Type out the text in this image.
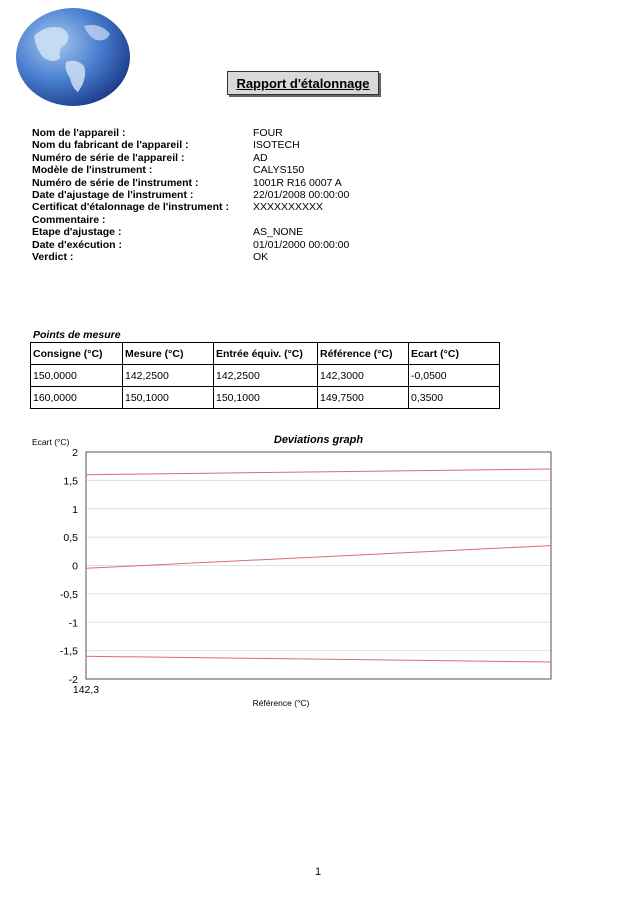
Rapport d'étalonnage
Nom de l'appareil :	FOUR
Nom du fabricant de l'appareil :	ISOTECH
Numéro de série de l'appareil :	AD
Modèle de l'instrument :	CALYS150
Numéro de série de l'instrument :	1001R R16 0007 A
Date d'ajustage de l'instrument :	22/01/2008 00:00:00
Certificat d'étalonnage de l'instrument :	XXXXXXXXXX
Commentaire :
Etape d'ajustage :	AS_NONE
Date d'exécution :	01/01/2000 00:00:00
Verdict :	OK
Points de mesure
Consigne (°C)	Mesure (°C)	Entrée équiv. (°C)	Référence (°C)	Ecart (°C)
150,0000	142,2500	142,2500	142,3000	-0,0500
160,0000	150,1000	150,1000	149,7500	0,3500
Deviations graph
Ecart (°C)
Référence (°C)
2
1,5
1
0,5
0
-0,5
-1
-1,5
-2
142,3
1
